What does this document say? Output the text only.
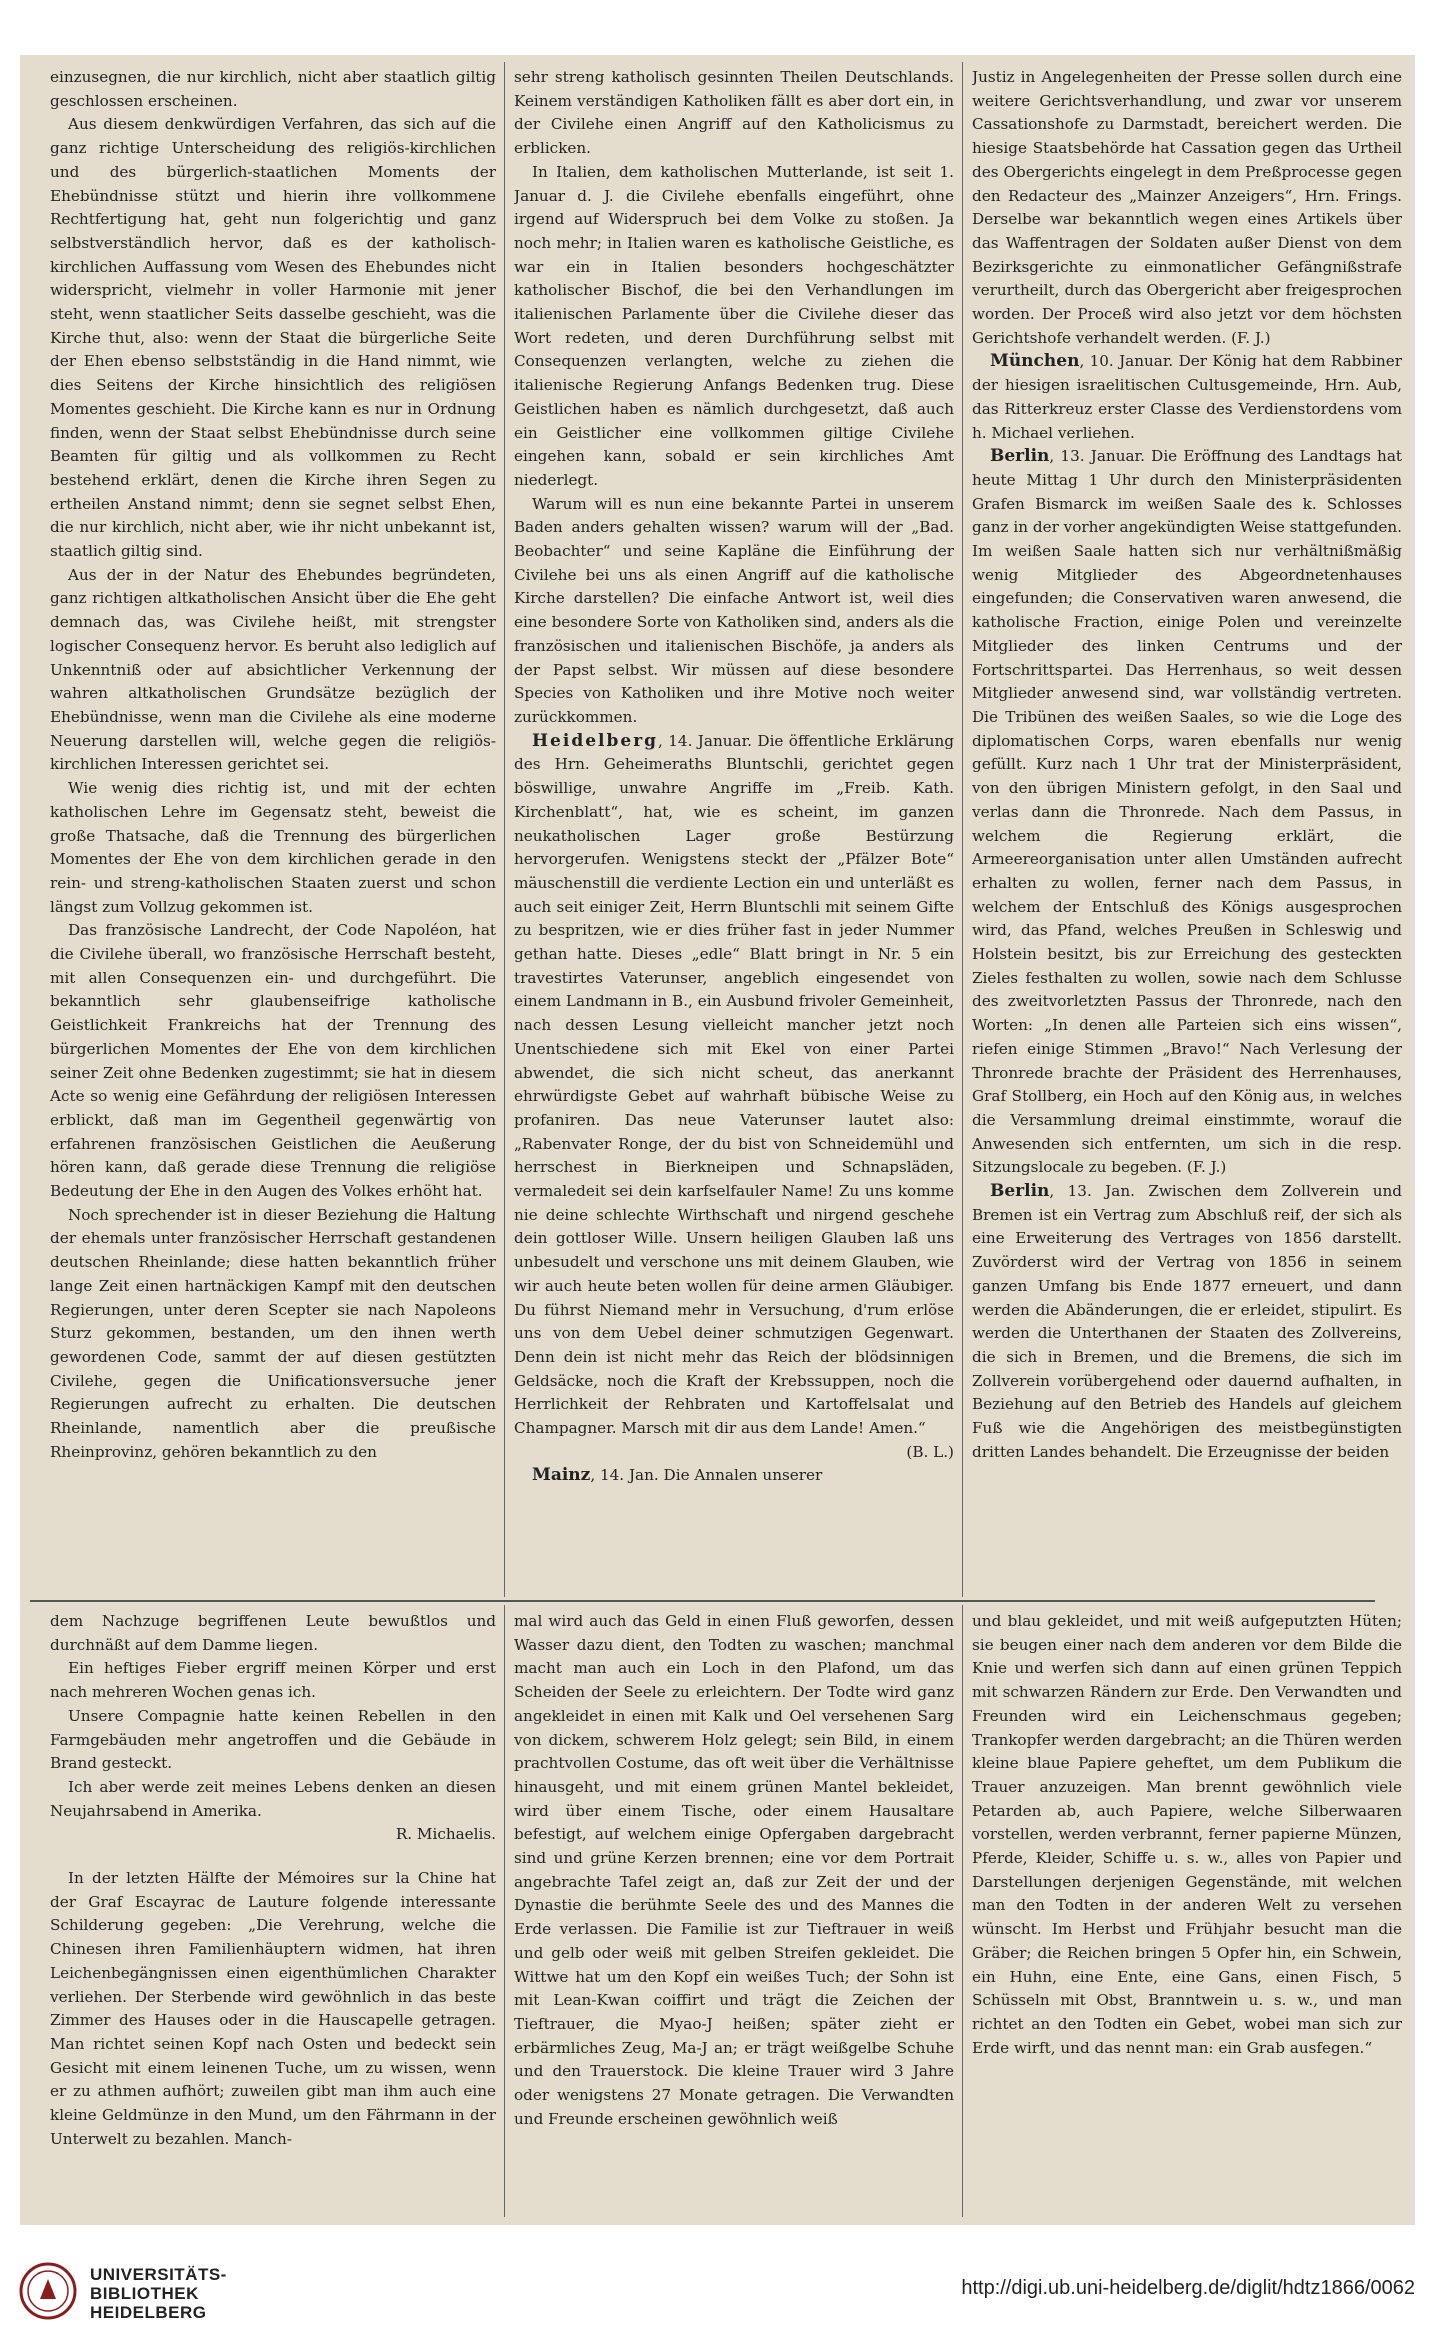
einzusegnen, die nur kirchlich, nicht aber staatlich giltig geschlossen erscheinen.

Aus diesem denkwürdigen Verfahren, das sich auf die ganz richtige Unterscheidung des religiös-kirchlichen und des bürgerlich-staatlichen Moments der Ehebündnisse stützt und hierin ihre vollkommene Rechtfertigung hat, geht nun folgerichtig und ganz selbstverständlich hervor, daß es der katholisch-kirchlichen Auffassung vom Wesen des Ehebundes nicht widerspricht, vielmehr in voller Harmonie mit jener steht, wenn staatlicher Seits dasselbe geschieht, was die Kirche thut, also: wenn der Staat die bürgerliche Seite der Ehen ebenso selbstständig in die Hand nimmt, wie dies Seitens der Kirche hinsichtlich des religiösen Momentes geschieht. Die Kirche kann es nur in Ordnung finden, wenn der Staat selbst Ehebündnisse durch seine Beamten für giltig und als vollkommen zu Recht bestehend erklärt, denen die Kirche ihren Segen zu ertheilen Anstand nimmt; denn sie segnet selbst Ehen, die nur kirchlich, nicht aber, wie ihr nicht unbekannt ist, staatlich giltig sind.

Aus der in der Natur des Ehebundes begründeten, ganz richtigen altkatholischen Ansicht über die Ehe geht demnach das, was Civilehe heißt, mit strengster logischer Consequenz hervor. Es beruht also lediglich auf Unkenntniß oder auf absichtlicher Verkennung der wahren altkatholischen Grundsätze bezüglich der Ehebündnisse, wenn man die Civilehe als eine moderne Neuerung darstellen will, welche gegen die religiös-kirchlichen Interessen gerichtet sei.

Wie wenig dies richtig ist, und mit der echten katholischen Lehre im Gegensatz steht, beweist die große Thatsache, daß die Trennung des bürgerlichen Momentes der Ehe von dem kirchlichen gerade in den rein- und streng-katholischen Staaten zuerst und schon längst zum Vollzug gekommen ist.

Das französische Landrecht, der Code Napoléon, hat die Civilehe überall, wo französische Herrschaft besteht, mit allen Consequenzen ein- und durchgeführt. Die bekanntlich sehr glaubenseifrige katholische Geistlichkeit Frankreichs hat der Trennung des bürgerlichen Momentes der Ehe von dem kirchlichen seiner Zeit ohne Bedenken zugestimmt; sie hat in diesem Acte so wenig eine Gefährdung der religiösen Interessen erblickt, daß man im Gegentheil gegenwärtig von erfahrenen französischen Geistlichen die Aeußerung hören kann, daß gerade diese Trennung die religiöse Bedeutung der Ehe in den Augen des Volkes erhöht hat.

Noch sprechender ist in dieser Beziehung die Haltung der ehemals unter französischer Herrschaft gestandenen deutschen Rheinlande; diese hatten bekanntlich früher lange Zeit einen hartnäckigen Kampf mit den deutschen Regierungen, unter deren Scepter sie nach Napoleons Sturz gekommen, bestanden, um den ihnen werth gewordenen Code, sammt der auf diesen gestützten Civilehe, gegen die Unificationsversuche jener Regierungen aufrecht zu erhalten. Die deutschen Rheinlande, namentlich aber die preußische Rheinprovinz, gehören bekanntlich zu den

sehr streng katholisch gesinnten Theilen Deutschlands. Keinem verständigen Katholiken fällt es aber dort ein, in der Civilehe einen Angriff auf den Katholicismus zu erblicken.

In Italien, dem katholischen Mutterlande, ist seit 1. Januar d. J. die Civilehe ebenfalls eingeführt, ohne irgend auf Widerspruch bei dem Volke zu stoßen. Ja noch mehr; in Italien waren es katholische Geistliche, es war ein in Italien besonders hochgeschätzter katholischer Bischof, die bei den Verhandlungen im italienischen Parlamente über die Civilehe dieser das Wort redeten, und deren Durchführung selbst mit Consequenzen verlangten, welche zu ziehen die italienische Regierung Anfangs Bedenken trug. Diese Geistlichen haben es nämlich durchgesetzt, daß auch ein Geistlicher eine vollkommen giltige Civilehe eingehen kann, sobald er sein kirchliches Amt niederlegt.

Warum will es nun eine bekannte Partei in unserem Baden anders gehalten wissen? warum will der „Bad. Beobachter“ und seine Kapläne die Einführung der Civilehe bei uns als einen Angriff auf die katholische Kirche darstellen? Die einfache Antwort ist, weil dies eine besondere Sorte von Katholiken sind, anders als die französischen und italienischen Bischöfe, ja anders als der Papst selbst. Wir müssen auf diese besondere Species von Katholiken und ihre Motive noch weiter zurückkommen.

Heidelberg, 14. Januar. Die öffentliche Erklärung des Hrn. Geheimeraths Bluntschli, gerichtet gegen böswillige, unwahre Angriffe im „Freib. Kath. Kirchenblatt“, hat, wie es scheint, im ganzen neukatholischen Lager große Bestürzung hervorgerufen. Wenigstens steckt der „Pfälzer Bote“ mäuschenstill die verdiente Lection ein und unterläßt es auch seit einiger Zeit, Herrn Bluntschli mit seinem Gifte zu bespritzen, wie er dies früher fast in jeder Nummer gethan hatte. Dieses „edle“ Blatt bringt in Nr. 5 ein travestirtes Vaterunser, angeblich eingesendet von einem Landmann in B., ein Ausbund frivoler Gemeinheit, nach dessen Lesung vielleicht mancher jetzt noch Unentschiedene sich mit Ekel von einer Partei abwendet, die sich nicht scheut, das anerkannt ehrwürdigste Gebet auf wahrhaft bübische Weise zu profaniren. Das neue Vaterunser lautet also: „Rabenvater Ronge, der du bist von Schneidemühl und herrschest in Bierkneipen und Schnapsläden, vermaledeit sei dein karfselfauler Name! Zu uns komme nie deine schlechte Wirthschaft und nirgend geschehe dein gottloser Wille. Unsern heiligen Glauben laß uns unbesudelt und verschone uns mit deinem Glauben, wie wir auch heute beten wollen für deine armen Gläubiger. Du führst Niemand mehr in Versuchung, d'rum erlöse uns von dem Uebel deiner schmutzigen Gegenwart. Denn dein ist nicht mehr das Reich der blödsinnigen Geldsäcke, noch die Kraft der Krebssuppen, noch die Herrlichkeit der Rehbraten und Kartoffelsalat und Champagner. Marsch mit dir aus dem Lande! Amen.“

(B. L.)

Mainz, 14. Jan. Die Annalen unserer

Justiz in Angelegenheiten der Presse sollen durch eine weitere Gerichtsverhandlung, und zwar vor unserem Cassationshofe zu Darmstadt, bereichert werden. Die hiesige Staatsbehörde hat Cassation gegen das Urtheil des Obergerichts eingelegt in dem Preßprocesse gegen den Redacteur des „Mainzer Anzeigers“, Hrn. Frings. Derselbe war bekanntlich wegen eines Artikels über das Waffentragen der Soldaten außer Dienst von dem Bezirksgerichte zu einmonatlicher Gefängnißstrafe verurtheilt, durch das Obergericht aber freigesprochen worden. Der Proceß wird also jetzt vor dem höchsten Gerichtshofe verhandelt werden. (F. J.)

München, 10. Januar. Der König hat dem Rabbiner der hiesigen israelitischen Cultusgemeinde, Hrn. Aub, das Ritterkreuz erster Classe des Verdienstordens vom h. Michael verliehen.

Berlin, 13. Januar. Die Eröffnung des Landtags hat heute Mittag 1 Uhr durch den Ministerpräsidenten Grafen Bismarck im weißen Saale des k. Schlosses ganz in der vorher angekündigten Weise stattgefunden. Im weißen Saale hatten sich nur verhältnißmäßig wenig Mitglieder des Abgeordnetenhauses eingefunden; die Conservativen waren anwesend, die katholische Fraction, einige Polen und vereinzelte Mitglieder des linken Centrums und der Fortschrittspartei. Das Herrenhaus, so weit dessen Mitglieder anwesend sind, war vollständig vertreten. Die Tribünen des weißen Saales, so wie die Loge des diplomatischen Corps, waren ebenfalls nur wenig gefüllt. Kurz nach 1 Uhr trat der Ministerpräsident, von den übrigen Ministern gefolgt, in den Saal und verlas dann die Thronrede. Nach dem Passus, in welchem die Regierung erklärt, die Armeereorganisation unter allen Umständen aufrecht erhalten zu wollen, ferner nach dem Passus, in welchem der Entschluß des Königs ausgesprochen wird, das Pfand, welches Preußen in Schleswig und Holstein besitzt, bis zur Erreichung des gesteckten Zieles festhalten zu wollen, sowie nach dem Schlusse des zweitvorletzten Passus der Thronrede, nach den Worten: „In denen alle Parteien sich eins wissen“, riefen einige Stimmen „Bravo!“ Nach Verlesung der Thronrede brachte der Präsident des Herrenhauses, Graf Stollberg, ein Hoch auf den König aus, in welches die Versammlung dreimal einstimmte, worauf die Anwesenden sich entfernten, um sich in die resp. Sitzungslocale zu begeben. (F. J.)

Berlin, 13. Jan. Zwischen dem Zollverein und Bremen ist ein Vertrag zum Abschluß reif, der sich als eine Erweiterung des Vertrages von 1856 darstellt. Zuvörderst wird der Vertrag von 1856 in seinem ganzen Umfang bis Ende 1877 erneuert, und dann werden die Abänderungen, die er erleidet, stipulirt. Es werden die Unterthanen der Staaten des Zollvereins, die sich in Bremen, und die Bremens, die sich im Zollverein vorübergehend oder dauernd aufhalten, in Beziehung auf den Betrieb des Handels auf gleichem Fuß wie die Angehörigen des meistbegünstigten dritten Landes behandelt. Die Erzeugnisse der beiden

dem Nachzuge begriffenen Leute bewußtlos und durchnäßt auf dem Damme liegen.

Ein heftiges Fieber ergriff meinen Körper und erst nach mehreren Wochen genas ich.

Unsere Compagnie hatte keinen Rebellen in den Farmgebäuden mehr angetroffen und die Gebäude in Brand gesteckt.

Ich aber werde zeit meines Lebens denken an diesen Neujahrsabend in Amerika.

R. Michaelis.

In der letzten Hälfte der Mémoires sur la Chine hat der Graf Escayrac de Lauture folgende interessante Schilderung gegeben: „Die Verehrung, welche die Chinesen ihren Familienhäuptern widmen, hat ihren Leichenbegängnissen einen eigenthümlichen Charakter verliehen. Der Sterbende wird gewöhnlich in das beste Zimmer des Hauses oder in die Hauscapelle getragen. Man richtet seinen Kopf nach Osten und bedeckt sein Gesicht mit einem leinenen Tuche, um zu wissen, wenn er zu athmen aufhört; zuweilen gibt man ihm auch eine kleine Geldmünze in den Mund, um den Fährmann in der Unterwelt zu bezahlen. Manch-

mal wird auch das Geld in einen Fluß geworfen, dessen Wasser dazu dient, den Todten zu waschen; manchmal macht man auch ein Loch in den Plafond, um das Scheiden der Seele zu erleichtern. Der Todte wird ganz angekleidet in einen mit Kalk und Oel versehenen Sarg von dickem, schwerem Holz gelegt; sein Bild, in einem prachtvollen Costume, das oft weit über die Verhältnisse hinausgeht, und mit einem grünen Mantel bekleidet, wird über einem Tische, oder einem Hausaltare befestigt, auf welchem einige Opfergaben dargebracht sind und grüne Kerzen brennen; eine vor dem Portrait angebrachte Tafel zeigt an, daß zur Zeit der und der Dynastie die berühmte Seele des und des Mannes die Erde verlassen. Die Familie ist zur Tieftrauer in weiß und gelb oder weiß mit gelben Streifen gekleidet. Die Wittwe hat um den Kopf ein weißes Tuch; der Sohn ist mit Lean-Kwan coiffirt und trägt die Zeichen der Tieftrauer, die Myao-J heißen; später zieht er erbärmliches Zeug, Ma-J an; er trägt weißgelbe Schuhe und den Trauerstock. Die kleine Trauer wird 3 Jahre oder wenigstens 27 Monate getragen. Die Verwandten und Freunde erscheinen gewöhnlich weiß

und blau gekleidet, und mit weiß aufgeputzten Hüten; sie beugen einer nach dem anderen vor dem Bilde die Knie und werfen sich dann auf einen grünen Teppich mit schwarzen Rändern zur Erde. Den Verwandten und Freunden wird ein Leichenschmaus gegeben; Trankopfer werden dargebracht; an die Thüren werden kleine blaue Papiere geheftet, um dem Publikum die Trauer anzuzeigen. Man brennt gewöhnlich viele Petarden ab, auch Papiere, welche Silberwaaren vorstellen, werden verbrannt, ferner papierne Münzen, Pferde, Kleider, Schiffe u. s. w., alles von Papier und Darstellungen derjenigen Gegenstände, mit welchen man den Todten in der anderen Welt zu versehen wünscht. Im Herbst und Frühjahr besucht man die Gräber; die Reichen bringen 5 Opfer hin, ein Schwein, ein Huhn, eine Ente, eine Gans, einen Fisch, 5 Schüsseln mit Obst, Branntwein u. s. w., und man richtet an den Todten ein Gebet, wobei man sich zur Erde wirft, und das nennt man: ein Grab ausfegen.“

UNIVERSITÄTS-
BIBLIOTHEK
HEIDELBERG
http://digi.ub.uni-heidelberg.de/diglit/hdtz1866/0062
